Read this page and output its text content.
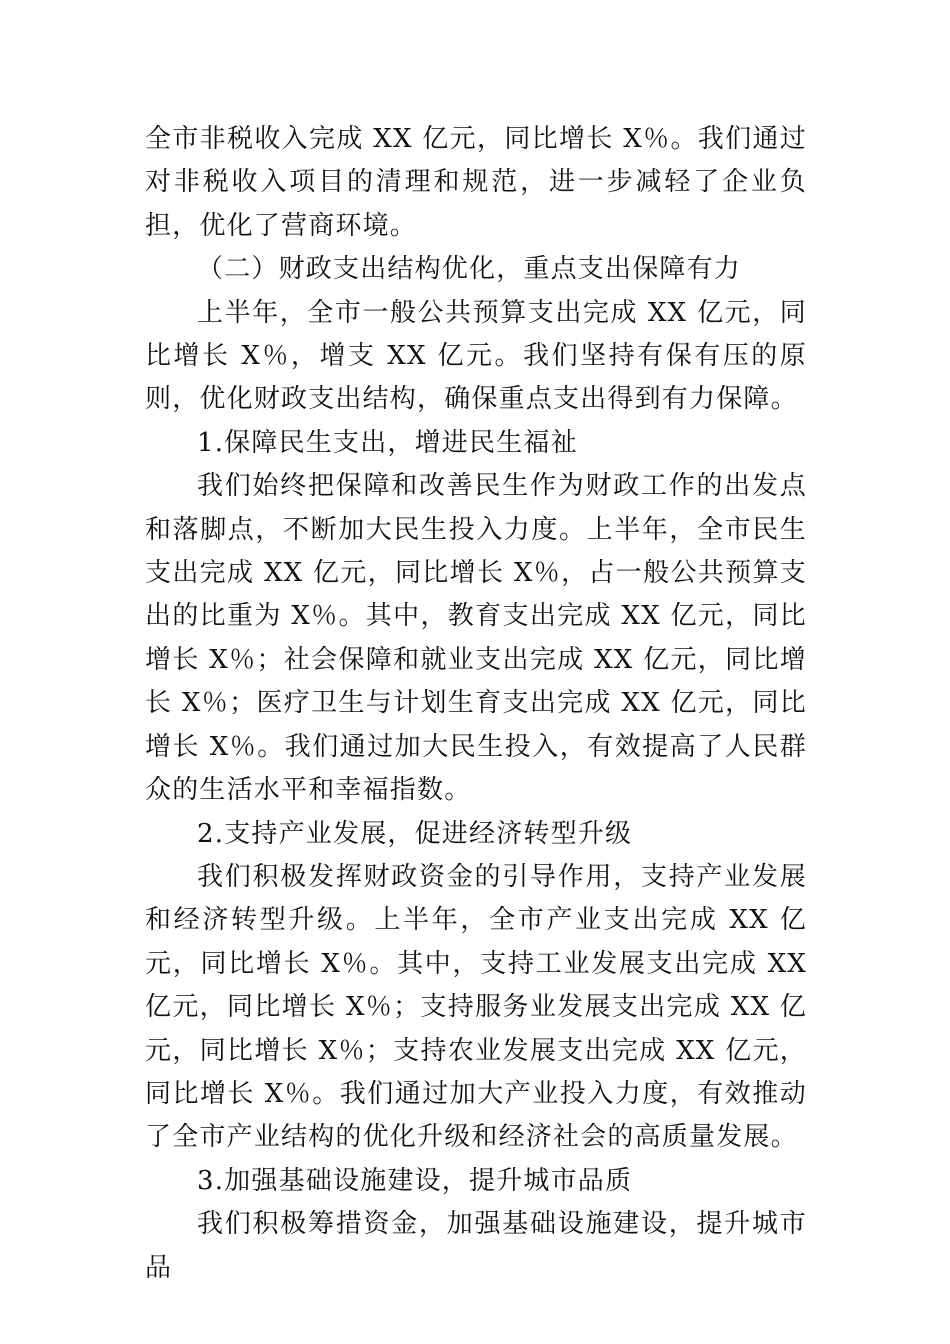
全市非税收入完成 XX 亿元，同比增长 X％。我们通过对非税收入项目的清理和规范，进一步减轻了企业负担，优化了营商环境。

（二）财政支出结构优化，重点支出保障有力

上半年，全市一般公共预算支出完成 XX 亿元，同比增长 X％，增支 XX 亿元。我们坚持有保有压的原则，优化财政支出结构，确保重点支出得到有力保障。

1.保障民生支出，增进民生福祉

我们始终把保障和改善民生作为财政工作的出发点和落脚点，不断加大民生投入力度。上半年，全市民生支出完成 XX 亿元，同比增长 X％，占一般公共预算支出的比重为 X％。其中，教育支出完成 XX 亿元，同比增长 X％；社会保障和就业支出完成 XX 亿元，同比增长 X％；医疗卫生与计划生育支出完成 XX 亿元，同比增长 X％。我们通过加大民生投入，有效提高了人民群众的生活水平和幸福指数。

2.支持产业发展，促进经济转型升级

我们积极发挥财政资金的引导作用，支持产业发展和经济转型升级。上半年，全市产业支出完成 XX 亿元，同比增长 X％。其中，支持工业发展支出完成 XX 亿元，同比增长 X％；支持服务业发展支出完成 XX 亿元，同比增长 X％；支持农业发展支出完成 XX 亿元，同比增长 X％。我们通过加大产业投入力度，有效推动了全市产业结构的优化升级和经济社会的高质量发展。

3.加强基础设施建设，提升城市品质

我们积极筹措资金，加强基础设施建设，提升城市品
